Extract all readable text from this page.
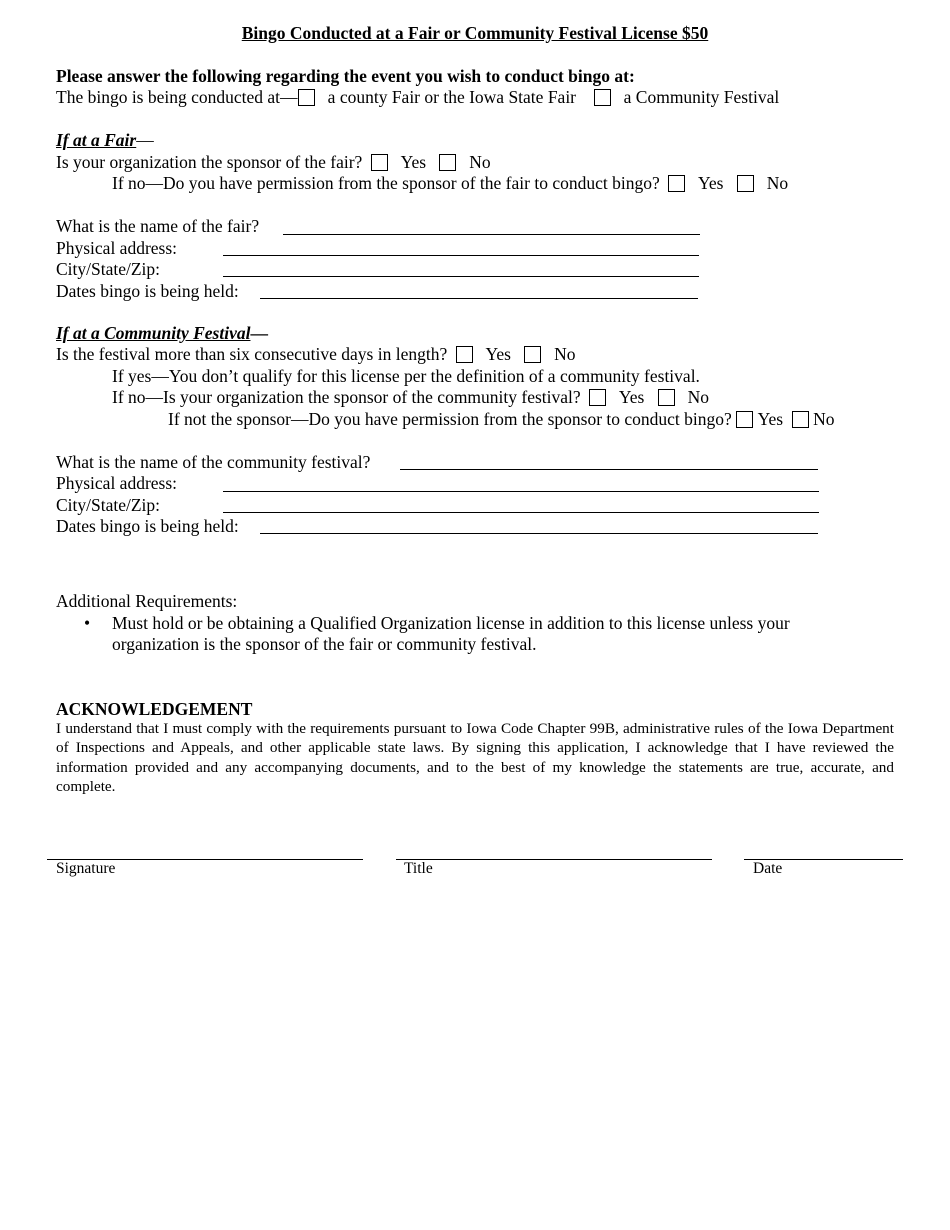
Bingo Conducted at a Fair or Community Festival License $50
Please answer the following regarding the event you wish to conduct bingo at:
The bingo is being conducted at— a county Fair or the Iowa State Fair	a Community Festival
If at a Fair—
Is your organization the sponsor of the fair? Yes No
If no—Do you have permission from the sponsor of the fair to conduct bingo? Yes No
What is the name of the fair?
Physical address:
City/State/Zip:
Dates bingo is being held:
If at a Community Festival—
Is the festival more than six consecutive days in length? Yes No
If yes—You don’t qualify for this license per the definition of a community festival.
If no—Is your organization the sponsor of the community festival? Yes No
If not the sponsor—Do you have permission from the sponsor to conduct bingo? Yes No
What is the name of the community festival?
Physical address:
City/State/Zip:
Dates bingo is being held:
Additional Requirements:
• Must hold or be obtaining a Qualified Organization license in addition to this license unless your organization is the sponsor of the fair or community festival.
ACKNOWLEDGEMENT
I understand that I must comply with the requirements pursuant to Iowa Code Chapter 99B, administrative rules of the Iowa Department of Inspections and Appeals, and other applicable state laws. By signing this application, I acknowledge that I have reviewed the information provided and any accompanying documents, and to the best of my knowledge the statements are true, accurate, and complete.
Signature	Title	Date
